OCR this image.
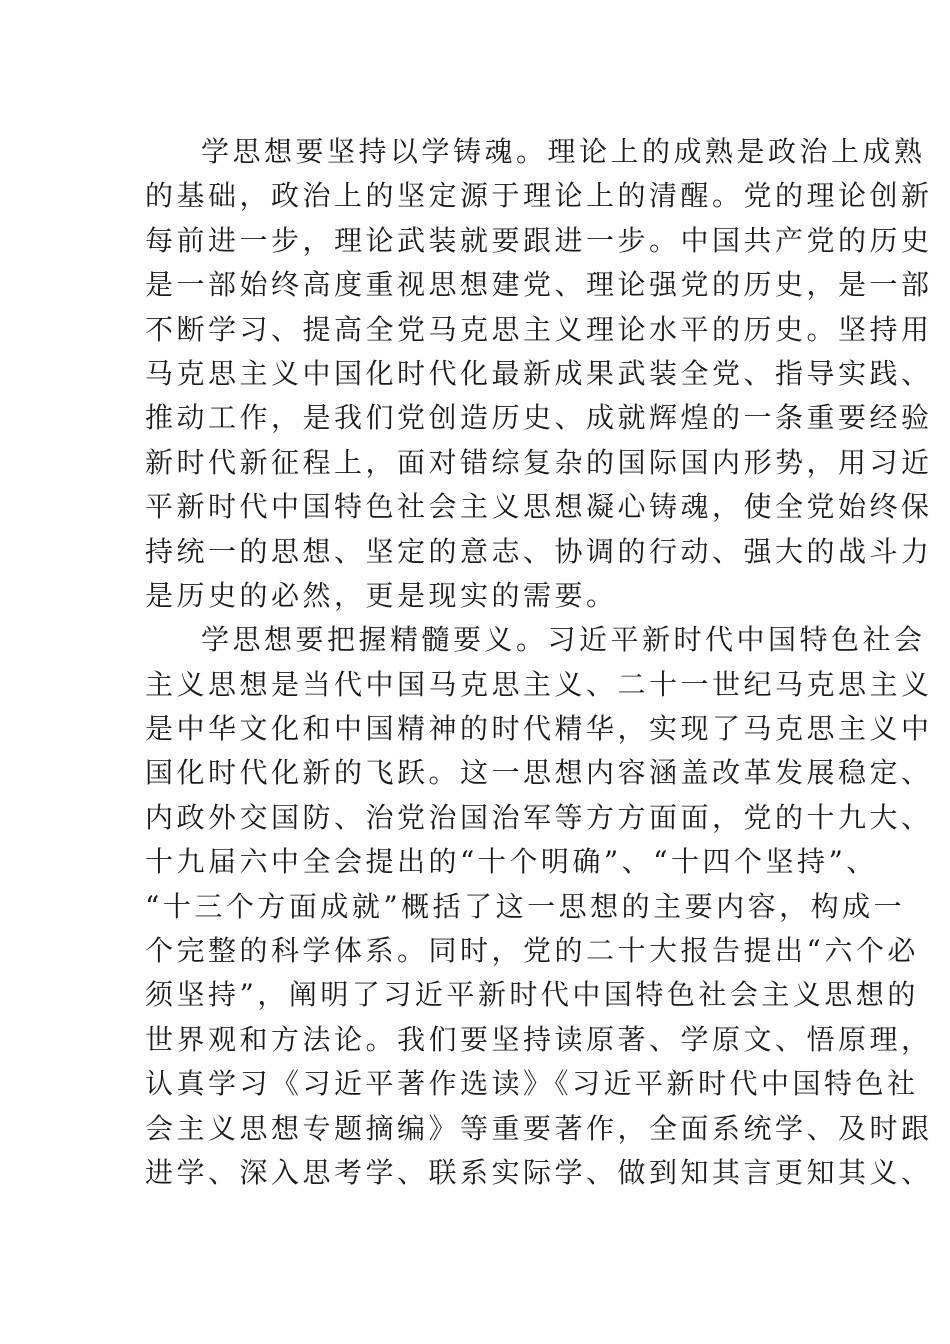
学思想要坚持以学铸魂。理论上的成熟是政治上成熟
的基础，政治上的坚定源于理论上的清醒。党的理论创新
每前进一步，理论武装就要跟进一步。中国共产党的历史
是一部始终高度重视思想建党、理论强党的历史，是一部
不断学习、提高全党马克思主义理论水平的历史。坚持用
马克思主义中国化时代化最新成果武装全党、指导实践、
推动工作，是我们党创造历史、成就辉煌的一条重要经验
新时代新征程上，面对错综复杂的国际国内形势，用习近
平新时代中国特色社会主义思想凝心铸魂，使全党始终保
持统一的思想、坚定的意志、协调的行动、强大的战斗力
是历史的必然，更是现实的需要。
学思想要把握精髓要义。习近平新时代中国特色社会
主义思想是当代中国马克思主义、二十一世纪马克思主义
是中华文化和中国精神的时代精华，实现了马克思主义中
国化时代化新的飞跃。这一思想内容涵盖改革发展稳定、
内政外交国防、治党治国治军等方方面面，党的十九大、
十九届六中全会提出的“十个明确”、“十四个坚持”、
“十三个方面成就”概括了这一思想的主要内容，构成一
个完整的科学体系。同时，党的二十大报告提出“六个必
须坚持”，阐明了习近平新时代中国特色社会主义思想的
世界观和方法论。我们要坚持读原著、学原文、悟原理，
认真学习《习近平著作选读》《习近平新时代中国特色社
会主义思想专题摘编》等重要著作，全面系统学、及时跟
进学、深入思考学、联系实际学、做到知其言更知其义、
